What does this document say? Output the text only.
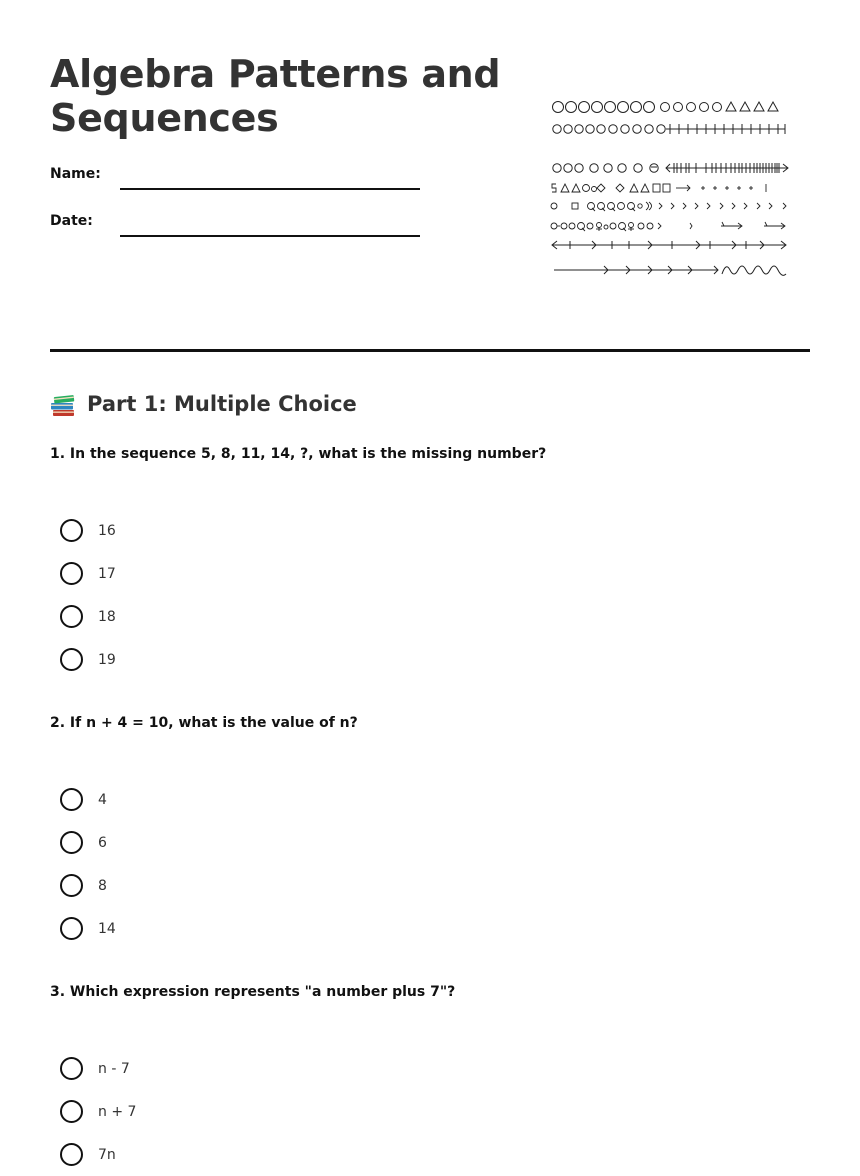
Algebra Patterns and Sequences
Name:
Date:
Part 1: Multiple Choice

1. In the sequence 5, 8, 11, 14, ?, what is the missing number?

16
17
18
19

2. If n + 4 = 10, what is the value of n?

4
6
8
14

3. Which expression represents "a number plus 7"?

n - 7
n + 7
7n
